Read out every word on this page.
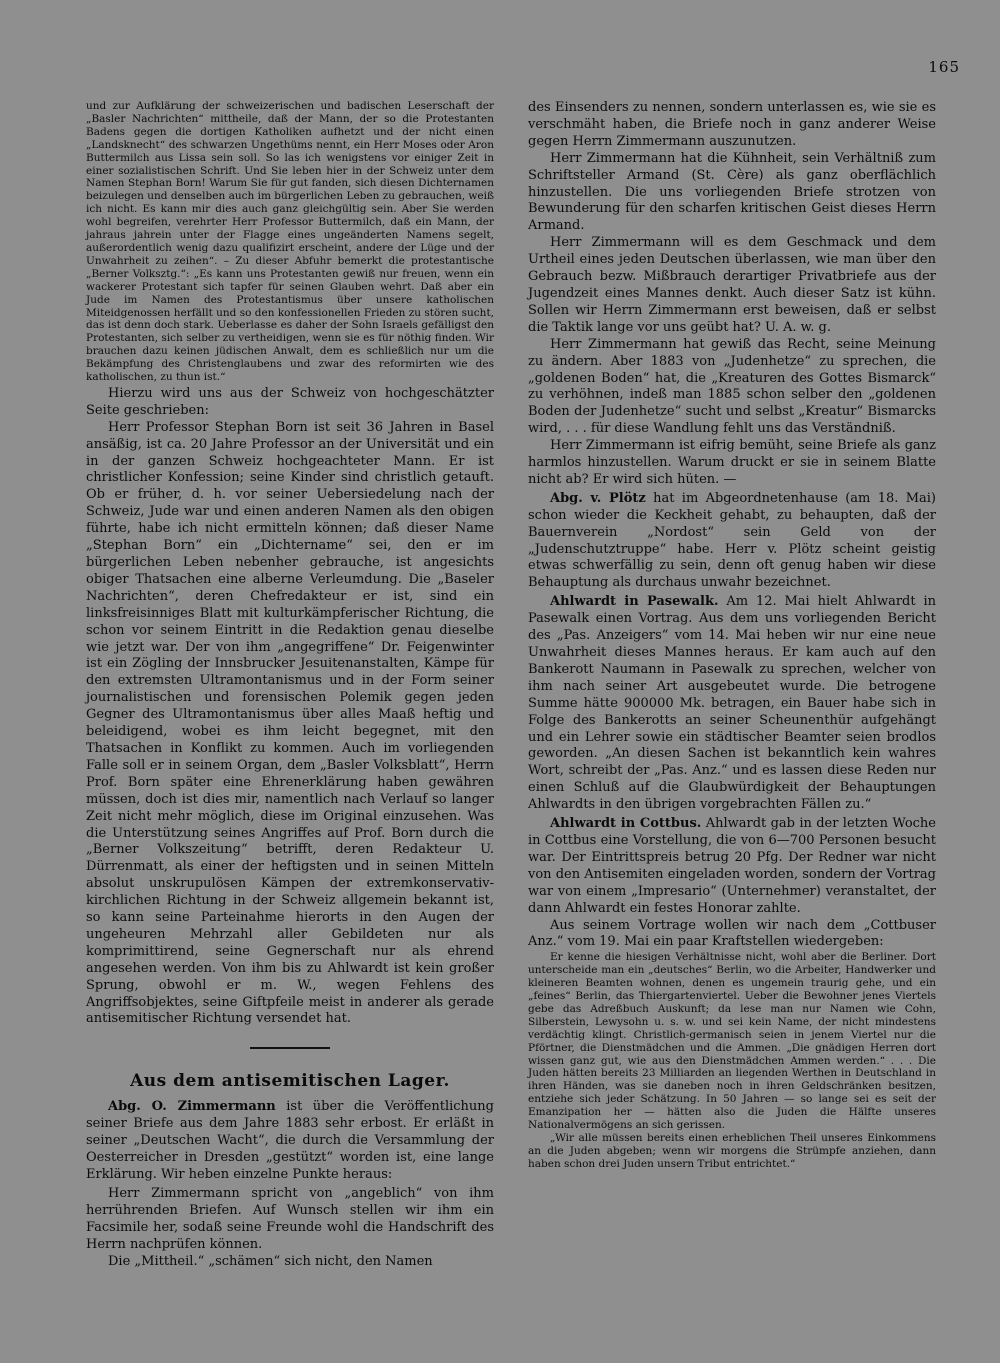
165

und zur Aufklärung der schweizerischen und badischen Leserschaft der „Basler Nachrichten“ mittheile, daß der Mann, der so die Protestanten Badens gegen die dortigen Katholiken aufhetzt und der nicht einen „Landsknecht“ des schwarzen Ungethüms nennt, ein Herr Moses oder Aron Buttermilch aus Lissa sein soll. So las ich wenigstens vor einiger Zeit in einer sozialistischen Schrift. Und Sie leben hier in der Schweiz unter dem Namen Stephan Born! Warum Sie für gut fanden, sich diesen Dichternamen beizulegen und denselben auch im bürgerlichen Leben zu gebrauchen, weiß ich nicht. Es kann mir dies auch ganz gleichgültig sein. Aber Sie werden wohl begreifen, verehrter Herr Professor Buttermilch, daß ein Mann, der jahraus jahrein unter der Flagge eines ungeänderten Namens segelt, außerordentlich wenig dazu qualifizirt erscheint, andere der Lüge und der Unwahrheit zu zeihen“. – Zu dieser Abfuhr bemerkt die protestantische „Berner Volksztg.“: „Es kann uns Protestanten gewiß nur freuen, wenn ein wackerer Protestant sich tapfer für seinen Glauben wehrt. Daß aber ein Jude im Namen des Protestantismus über unsere katholischen Miteidgenossen herfällt und so den konfessionellen Frieden zu stören sucht, das ist denn doch stark. Ueberlasse es daher der Sohn Israels gefälligst den Protestanten, sich selber zu vertheidigen, wenn sie es für nöthig finden. Wir brauchen dazu keinen jüdischen Anwalt, dem es schließlich nur um die Bekämpfung des Christenglaubens und zwar des reformirten wie des katholischen, zu thun ist.“

Hierzu wird uns aus der Schweiz von hochgeschätzter Seite geschrieben:

Herr Professor Stephan Born ist seit 36 Jahren in Basel ansäßig, ist ca. 20 Jahre Professor an der Universität und ein in der ganzen Schweiz hochgeachteter Mann. Er ist christlicher Konfession; seine Kinder sind christlich getauft. Ob er früher, d. h. vor seiner Uebersiedelung nach der Schweiz, Jude war und einen anderen Namen als den obigen führte, habe ich nicht ermitteln können; daß dieser Name „Stephan Born“ ein „Dichtername“ sei, den er im bürgerlichen Leben nebenher gebrauche, ist angesichts obiger Thatsachen eine alberne Verleumdung. Die „Baseler Nachrichten“, deren Chefredakteur er ist, sind ein linksfreisinniges Blatt mit kulturkämpferischer Richtung, die schon vor seinem Eintritt in die Redaktion genau dieselbe wie jetzt war. Der von ihm „angegriffene“ Dr. Feigenwinter ist ein Zögling der Innsbrucker Jesuitenanstalten, Kämpe für den extremsten Ultramontanismus und in der Form seiner journalistischen und forensischen Polemik gegen jeden Gegner des Ultramontanismus über alles Maaß heftig und beleidigend, wobei es ihm leicht begegnet, mit den Thatsachen in Konflikt zu kommen. Auch im vorliegenden Falle soll er in seinem Organ, dem „Basler Volksblatt“, Herrn Prof. Born später eine Ehrenerklärung haben gewähren müssen, doch ist dies mir, namentlich nach Verlauf so langer Zeit nicht mehr möglich, diese im Original einzusehen. Was die Unterstützung seines Angriffes auf Prof. Born durch die „Berner Volkszeitung“ betrifft, deren Redakteur U. Dürrenmatt, als einer der heftigsten und in seinen Mitteln absolut unskrupulösen Kämpen der extremkonservativ-kirchlichen Richtung in der Schweiz allgemein bekannt ist, so kann seine Parteinahme hierorts in den Augen der ungeheuren Mehrzahl aller Gebildeten nur als komprimittirend, seine Gegnerschaft nur als ehrend angesehen werden. Von ihm bis zu Ahlwardt ist kein großer Sprung, obwohl er m. W., wegen Fehlens des Angriffsobjektes, seine Giftpfeile meist in anderer als gerade antisemitischer Richtung versendet hat.

Aus dem antisemitischen Lager.

Abg. O. Zimmermann ist über die Veröffentlichung seiner Briefe aus dem Jahre 1883 sehr erbost. Er erläßt in seiner „Deutschen Wacht“, die durch die Versammlung der Oesterreicher in Dresden „gestützt“ worden ist, eine lange Erklärung. Wir heben einzelne Punkte heraus:

Herr Zimmermann spricht von „angeblich“ von ihm herrührenden Briefen. Auf Wunsch stellen wir ihm ein Facsimile her, sodaß seine Freunde wohl die Handschrift des Herrn nachprüfen können.

Die „Mittheil.“ „schämen“ sich nicht, den Namen

des Einsenders zu nennen, sondern unterlassen es, wie sie es verschmäht haben, die Briefe noch in ganz anderer Weise gegen Herrn Zimmermann auszunutzen.

Herr Zimmermann hat die Kühnheit, sein Verhältniß zum Schriftsteller Armand (St. Cère) als ganz oberflächlich hinzustellen. Die uns vorliegenden Briefe strotzen von Bewunderung für den scharfen kritischen Geist dieses Herrn Armand.

Herr Zimmermann will es dem Geschmack und dem Urtheil eines jeden Deutschen überlassen, wie man über den Gebrauch bezw. Mißbrauch derartiger Privatbriefe aus der Jugendzeit eines Mannes denkt. Auch dieser Satz ist kühn. Sollen wir Herrn Zimmermann erst beweisen, daß er selbst die Taktik lange vor uns geübt hat? U. A. w. g.

Herr Zimmermann hat gewiß das Recht, seine Meinung zu ändern. Aber 1883 von „Judenhetze“ zu sprechen, die „goldenen Boden“ hat, die „Kreaturen des Gottes Bismarck“ zu verhöhnen, indeß man 1885 schon selber den „goldenen Boden der Judenhetze“ sucht und selbst „Kreatur“ Bismarcks wird, . . . für diese Wandlung fehlt uns das Verständniß.

Herr Zimmermann ist eifrig bemüht, seine Briefe als ganz harmlos hinzustellen. Warum druckt er sie in seinem Blatte nicht ab? Er wird sich hüten. —

Abg. v. Plötz hat im Abgeordnetenhause (am 18. Mai) schon wieder die Keckheit gehabt, zu behaupten, daß der Bauernverein „Nordost“ sein Geld von der „Judenschutztruppe“ habe. Herr v. Plötz scheint geistig etwas schwerfällig zu sein, denn oft genug haben wir diese Behauptung als durchaus unwahr bezeichnet.

Ahlwardt in Pasewalk. Am 12. Mai hielt Ahlwardt in Pasewalk einen Vortrag. Aus dem uns vorliegenden Bericht des „Pas. Anzeigers“ vom 14. Mai heben wir nur eine neue Unwahrheit dieses Mannes heraus. Er kam auch auf den Bankerott Naumann in Pasewalk zu sprechen, welcher von ihm nach seiner Art ausgebeutet wurde. Die betrogene Summe hätte 900000 Mk. betragen, ein Bauer habe sich in Folge des Bankerotts an seiner Scheunenthür aufgehängt und ein Lehrer sowie ein städtischer Beamter seien brodlos geworden. „An diesen Sachen ist bekanntlich kein wahres Wort, schreibt der „Pas. Anz.“ und es lassen diese Reden nur einen Schluß auf die Glaubwürdigkeit der Behauptungen Ahlwardts in den übrigen vorgebrachten Fällen zu.“

Ahlwardt in Cottbus. Ahlwardt gab in der letzten Woche in Cottbus eine Vorstellung, die von 6—700 Personen besucht war. Der Eintrittspreis betrug 20 Pfg. Der Redner war nicht von den Antisemiten eingeladen worden, sondern der Vortrag war von einem „Impresario“ (Unternehmer) veranstaltet, der dann Ahlwardt ein festes Honorar zahlte.

Aus seinem Vortrage wollen wir nach dem „Cottbuser Anz.“ vom 19. Mai ein paar Kraftstellen wiedergeben:

Er kenne die hiesigen Verhältnisse nicht, wohl aber die Berliner. Dort unterscheide man ein „deutsches“ Berlin, wo die Arbeiter, Handwerker und kleineren Beamten wohnen, denen es ungemein traurig gehe, und ein „feines“ Berlin, das Thiergartenviertel. Ueber die Bewohner jenes Viertels gebe das Adreßbuch Auskunft; da lese man nur Namen wie Cohn, Silberstein, Lewysohn u. s. w. und sei kein Name, der nicht mindestens verdächtig klingt. Christlich-germanisch seien in jenem Viertel nur die Pförtner, die Dienstmädchen und die Ammen. „Die gnädigen Herren dort wissen ganz gut, wie aus den Dienstmädchen Ammen werden.“ . . . Die Juden hätten bereits 23 Milliarden an liegenden Werthen in Deutschland in ihren Händen, was sie daneben noch in ihren Geldschränken besitzen, entziehe sich jeder Schätzung. In 50 Jahren — so lange sei es seit der Emanzipation her — hätten also die Juden die Hälfte unseres Nationalvermögens an sich gerissen.

„Wir alle müssen bereits einen erheblichen Theil unseres Einkommens an die Juden abgeben; wenn wir morgens die Strümpfe anziehen, dann haben schon drei Juden unsern Tribut entrichtet.“
